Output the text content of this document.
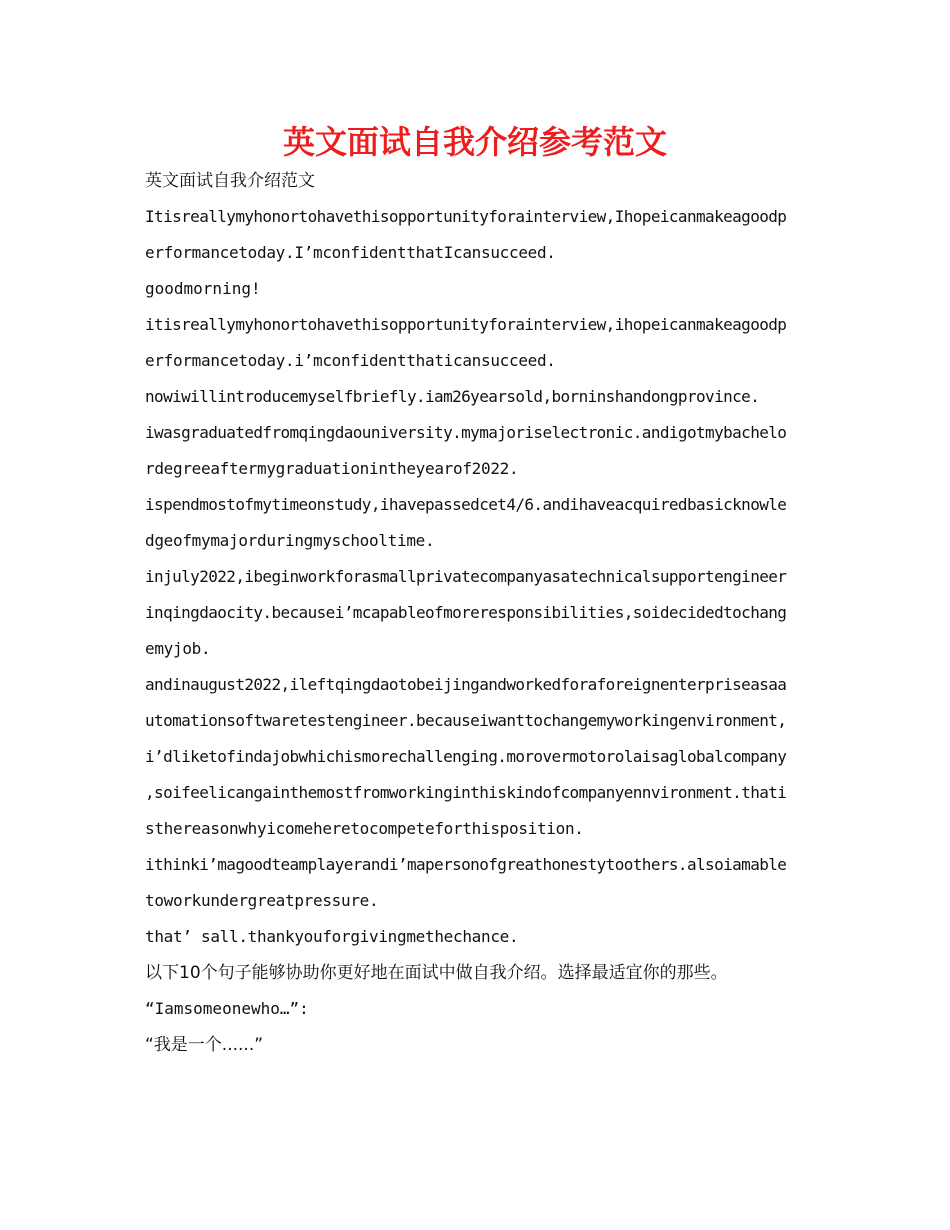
英文面试自我介绍参考范文
英文面试自我介绍范文
Itisreallymyhonortohavethisopportunityforainterview,Ihopeicanmakeagoodp
erformancetoday.I’mconfidentthatIcansucceed.
goodmorning!
itisreallymyhonortohavethisopportunityforainterview,ihopeicanmakeagoodp
erformancetoday.i’mconfidentthaticansucceed.
nowiwillintroducemyselfbriefly.iam26yearsold,borninshandongprovince.
iwasgraduatedfromqingdaouniversity.mymajoriselectronic.andigotmybachelo
rdegreeaftermygraduationintheyearof2022.
ispendmostofmytimeonstudy,ihavepassedcet4/6.andihaveacquiredbasicknowle
dgeofmymajorduringmyschooltime.
injuly2022,ibeginworkforasmallprivatecompanyasatechnicalsupportengineer
inqingdaocity.becausei’mcapableofmoreresponsibilities,soidecidedtochang
emyjob.
andinaugust2022,ileftqingdaotobeijingandworkedforaforeignenterpriseasaa
utomationsoftwaretestengineer.becauseiwanttochangemyworkingenvironment,
i’dliketofindajobwhichismorechallenging.morovermotorolaisaglobalcompany
,soifeelicangainthemostfromworkinginthiskindofcompanyennvironment.thati
sthereasonwhyicomeheretocompeteforthisposition.
ithinki’magoodteamplayerandi’mapersonofgreathonestytoothers.alsoiamable
toworkundergreatpressure.
that’ sall.thankyouforgivingmethechance.
以下10个句子能够协助你更好地在面试中做自我介绍。选择最适宜你的那些。
“Iamsomeonewho…”:
“我是一个......”
